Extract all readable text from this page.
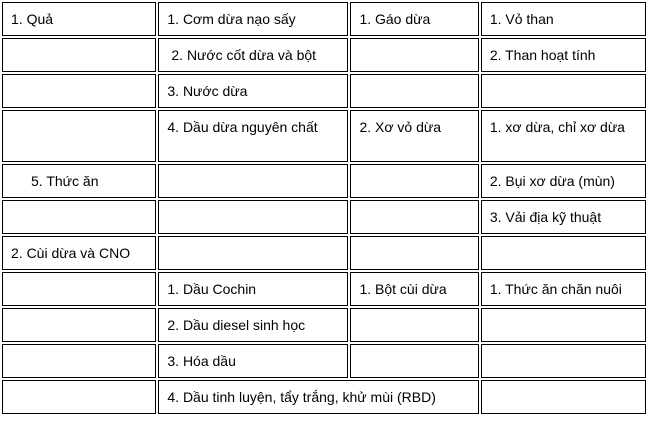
1. Quả	1. Cơm dừa nạo sấy	1. Gáo dừa	1. Vỏ than
	2. Nước cốt dừa và bột		2. Than hoạt tính
	3. Nước dừa		
	4. Dầu dừa nguyên chất	2. Xơ vỏ dừa	1. xơ dừa, chỉ xơ dừa
5. Thức ăn			2. Bụi xơ dừa (mùn)
			3. Vải địa kỹ thuật
2. Cùi dừa và CNO			
	1. Dầu Cochin	1. Bột cùi dừa	1. Thức ăn chăn nuôi
	2. Dầu diesel sinh học		
	3. Hóa dầu		
	4. Dầu tinh luyện, tẩy trắng, khử mùi (RBD)		
